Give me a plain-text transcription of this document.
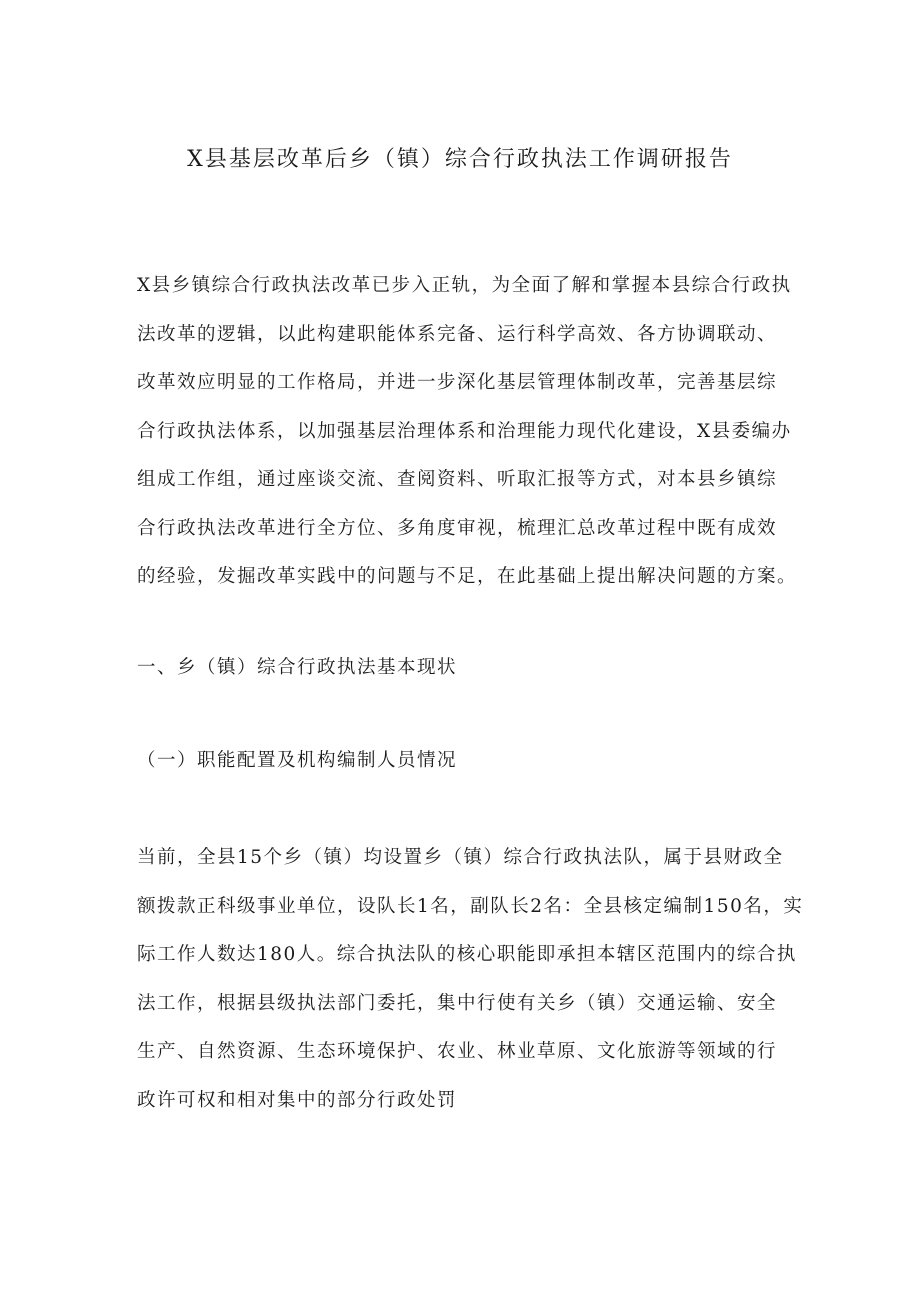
X县基层改革后乡（镇）综合行政执法工作调研报告
X县乡镇综合行政执法改革已步入正轨，为全面了解和掌握本县综合行政执
法改革的逻辑，以此构建职能体系完备、运行科学高效、各方协调联动、
改革效应明显的工作格局，并进一步深化基层管理体制改革，完善基层综
合行政执法体系，以加强基层治理体系和治理能力现代化建设，X县委编办
组成工作组，通过座谈交流、查阅资料、听取汇报等方式，对本县乡镇综
合行政执法改革进行全方位、多角度审视，梳理汇总改革过程中既有成效
的经验，发掘改革实践中的问题与不足，在此基础上提出解决问题的方案。
一、乡（镇）综合行政执法基本现状
（一）职能配置及机构编制人员情况
当前，全县15个乡（镇）均设置乡（镇）综合行政执法队，属于县财政全
额拨款正科级事业单位，设队长1名，副队长2名：全县核定编制150名，实
际工作人数达180人。综合执法队的核心职能即承担本辖区范围内的综合执
法工作，根据县级执法部门委托，集中行使有关乡（镇）交通运输、安全
生产、自然资源、生态环境保护、农业、林业草原、文化旅游等领域的行
政许可权和相对集中的部分行政处罚
